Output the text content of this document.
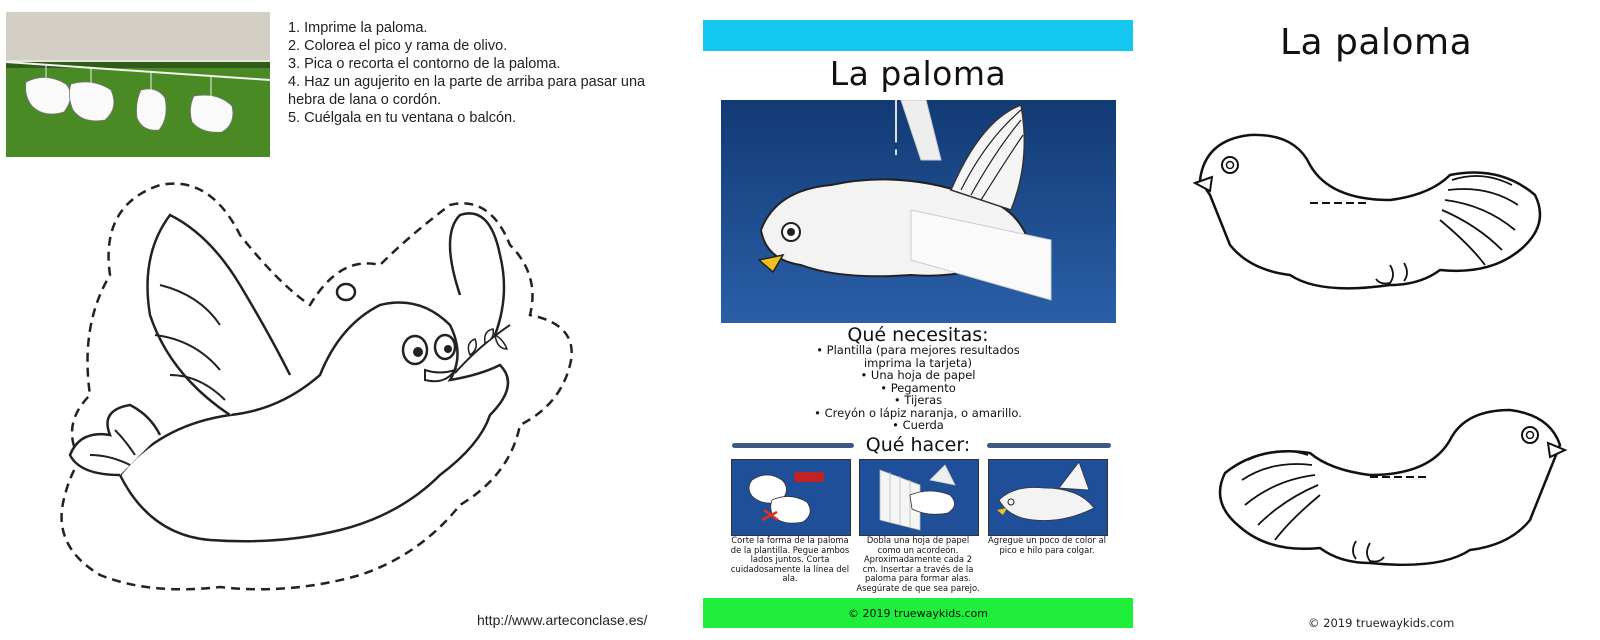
1. Imprime la paloma.
2. Colorea el pico y rama de olivo.
3. Pica o recorta el contorno de la paloma.
4. Haz un agujerito en la parte de arriba para pasar una hebra de lana o cordón.
5. Cuélgala en tu ventana o balcón.
http://www.arteconclase.es/
La paloma
Qué necesitas:
• Plantilla (para mejores resultados
imprima la tarjeta)
• Una hoja de papel
• Pegamento
• Tijeras
• Creyón o lápiz naranja, o amarillo.
• Cuerda
Qué hacer:
Corte la forma de la paloma de la plantilla. Pegue ambos lados juntos. Corta cuidadosamente la línea del ala.
Dobla una hoja de papel como un acordeón. Aproximadamente cada 2 cm. Insertar a través de la paloma para formar alas. Asegúrate de que sea parejo.
Agregue un poco de color al pico e hilo para colgar.
© 2019 truewaykids.com
La paloma
© 2019 truewaykids.com
